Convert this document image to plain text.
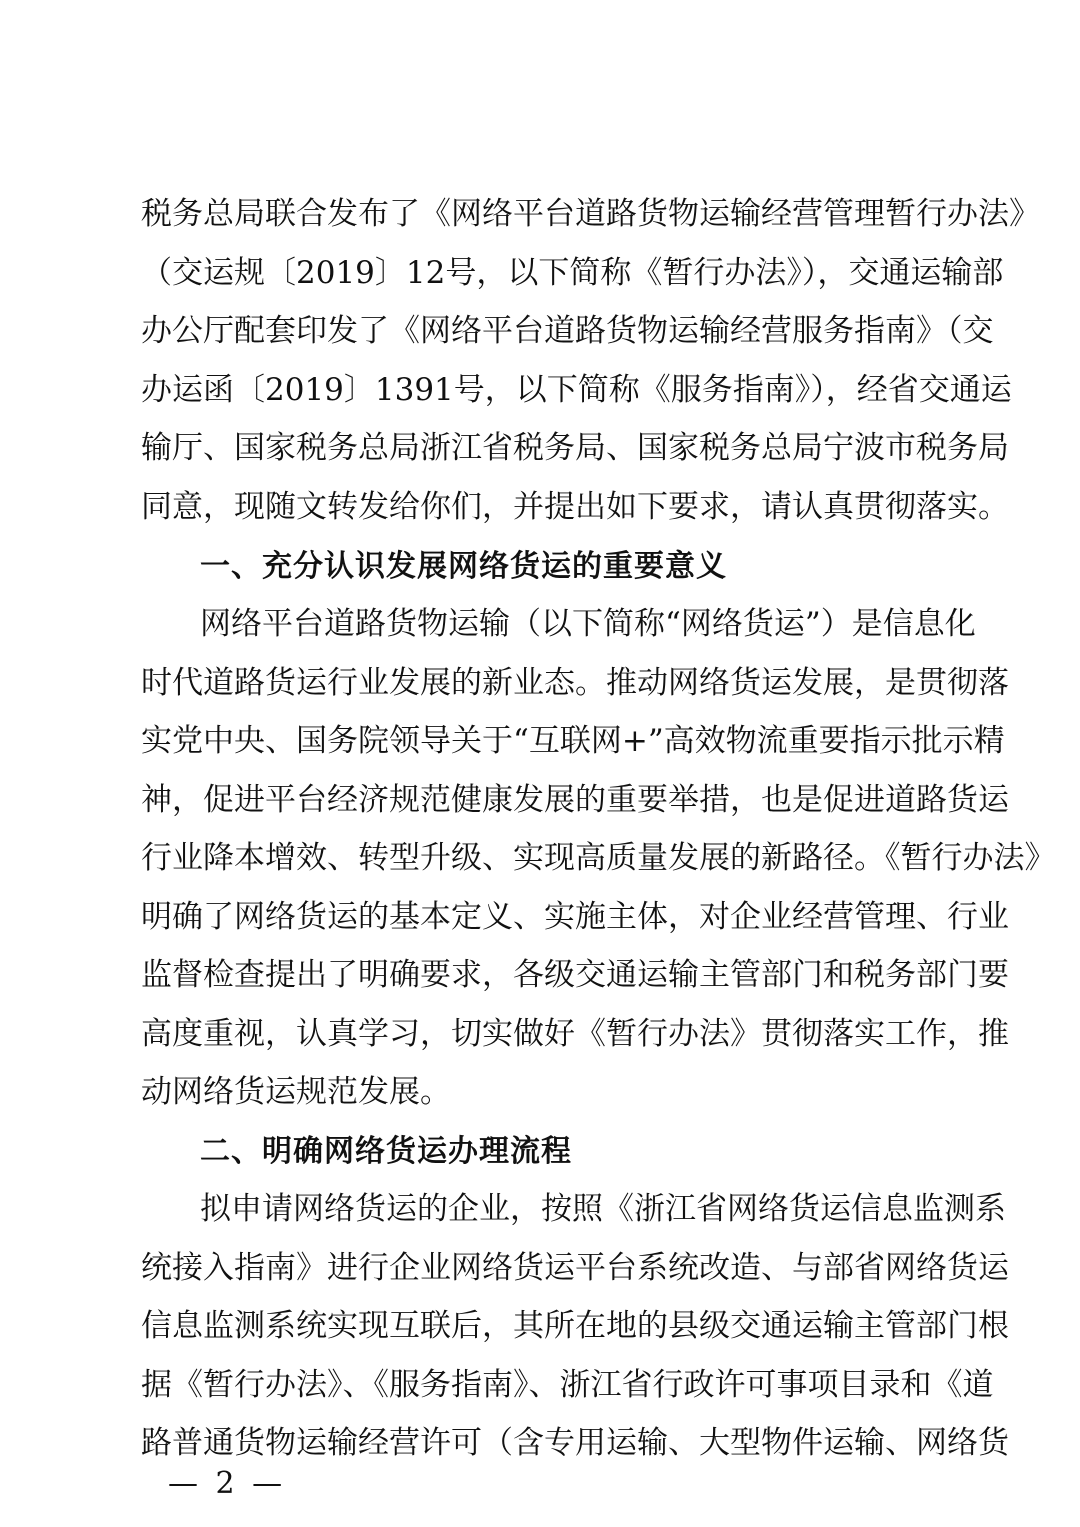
税务总局联合发布了《网络平台道路货物运输经营管理暂行办法》
（交运规〔2019〕12号，以下简称《暂行办法》），交通运输部
办公厅配套印发了《网络平台道路货物运输经营服务指南》（交
办运函〔2019〕1391号，以下简称《服务指南》），经省交通运
输厅、国家税务总局浙江省税务局、国家税务总局宁波市税务局
同意，现随文转发给你们，并提出如下要求，请认真贯彻落实。
一、充分认识发展网络货运的重要意义
网络平台道路货物运输（以下简称“网络货运”）是信息化
时代道路货运行业发展的新业态。推动网络货运发展，是贯彻落
实党中央、国务院领导关于“互联网+”高效物流重要指示批示精
神，促进平台经济规范健康发展的重要举措，也是促进道路货运
行业降本增效、转型升级、实现高质量发展的新路径。《暂行办法》
明确了网络货运的基本定义、实施主体，对企业经营管理、行业
监督检查提出了明确要求，各级交通运输主管部门和税务部门要
高度重视，认真学习，切实做好《暂行办法》贯彻落实工作，推
动网络货运规范发展。
二、明确网络货运办理流程
拟申请网络货运的企业，按照《浙江省网络货运信息监测系
统接入指南》进行企业网络货运平台系统改造、与部省网络货运
信息监测系统实现互联后，其所在地的县级交通运输主管部门根
据《暂行办法》、《服务指南》、浙江省行政许可事项目录和《道
路普通货物运输经营许可（含专用运输、大型物件运输、网络货
— 2 —
